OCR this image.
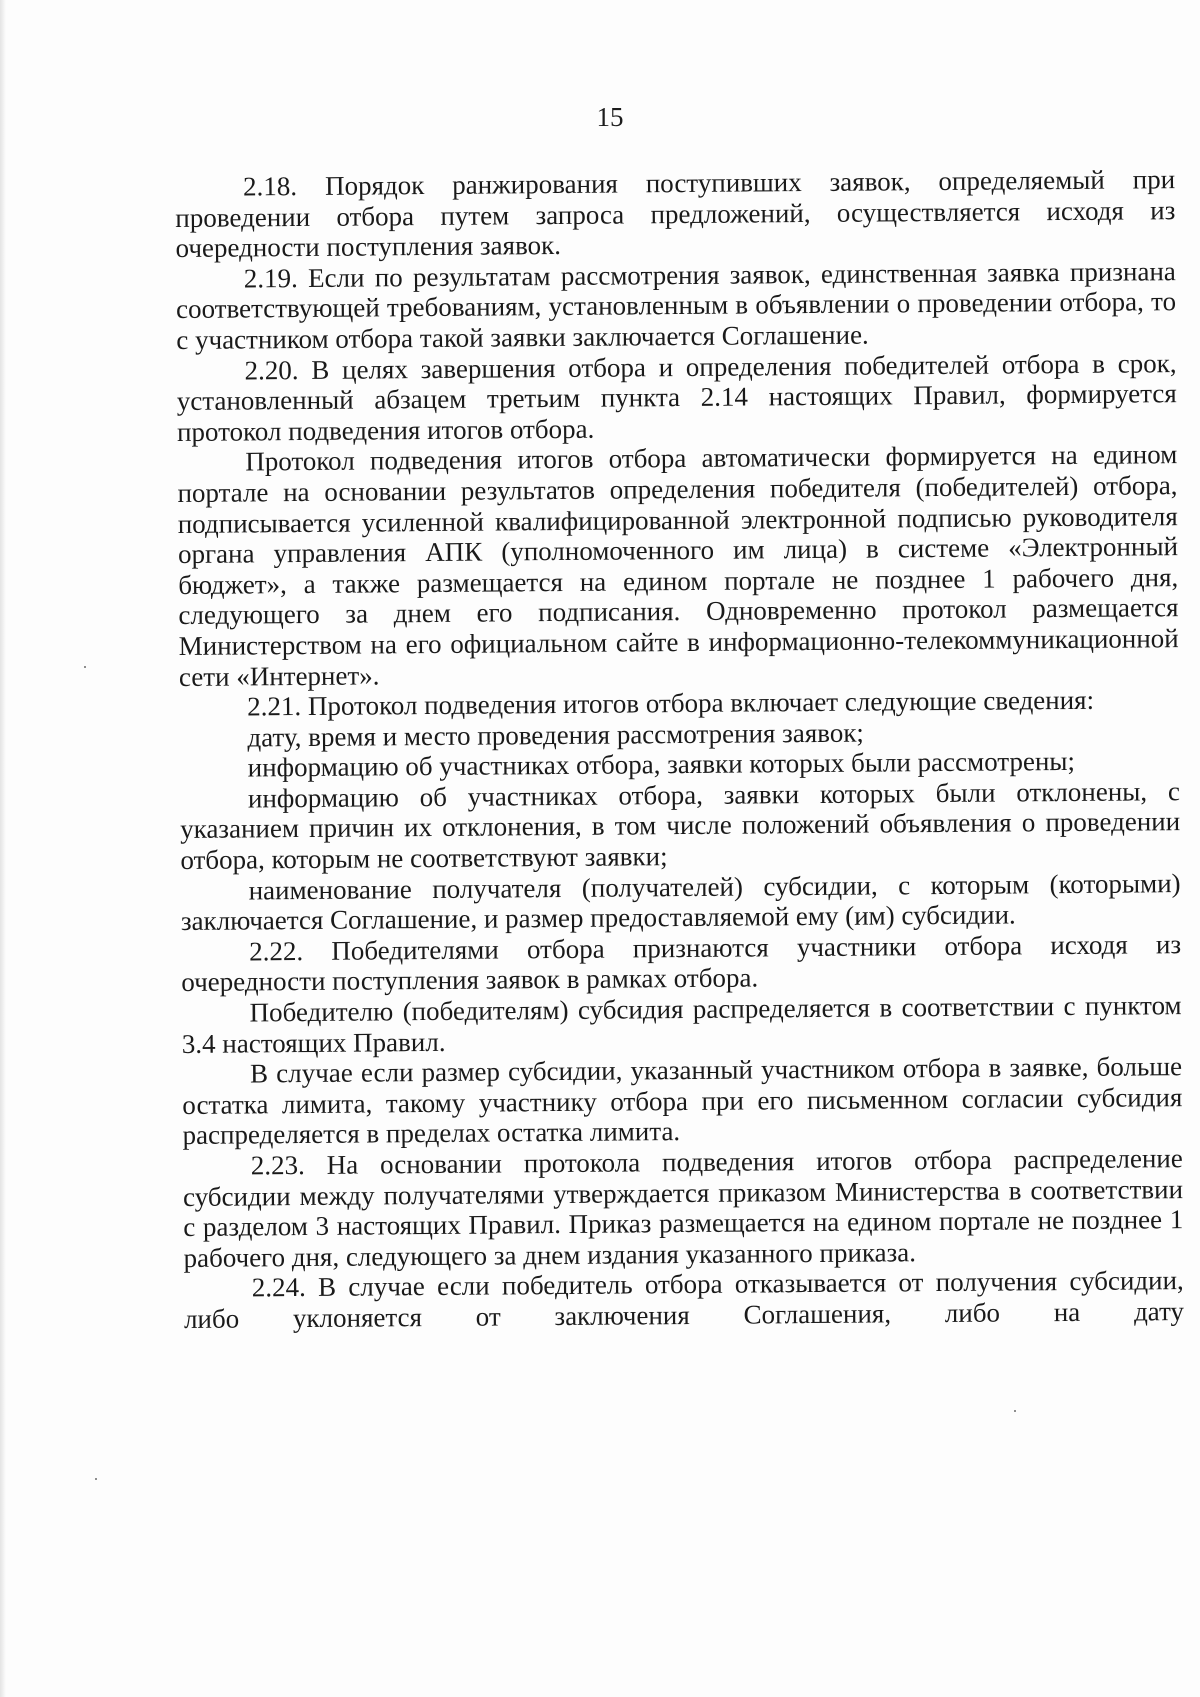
15

2.18. Порядок ранжирования поступивших заявок, определяемый при проведении отбора путем запроса предложений, осуществляется исходя из очередности поступления заявок.

2.19. Если по результатам рассмотрения заявок, единственная заявка признана соответствующей требованиям, установленным в объявлении о проведении отбора, то с участником отбора такой заявки заключается Соглашение.

2.20. В целях завершения отбора и определения победителей отбора в срок, установленный абзацем третьим пункта 2.14 настоящих Правил, формируется протокол подведения итогов отбора.

Протокол подведения итогов отбора автоматически формируется на едином портале на основании результатов определения победителя (победителей) отбора, подписывается усиленной квалифицированной электронной подписью руководителя органа управления АПК (уполномоченного им лица) в системе «Электронный бюджет», а также размещается на едином портале не позднее 1 рабочего дня, следующего за днем его подписания. Одновременно протокол размещается Министерством на его официальном сайте в информационно-телекоммуникационной сети «Интернет».

2.21. Протокол подведения итогов отбора включает следующие сведения:

дату, время и место проведения рассмотрения заявок;

информацию об участниках отбора, заявки которых были рассмотрены;

информацию об участниках отбора, заявки которых были отклонены, с указанием причин их отклонения, в том числе положений объявления о проведении отбора, которым не соответствуют заявки;

наименование получателя (получателей) субсидии, с которым (которыми) заключается Соглашение, и размер предоставляемой ему (им) субсидии.

2.22. Победителями отбора признаются участники отбора исходя из очередности поступления заявок в рамках отбора.

Победителю (победителям) субсидия распределяется в соответствии с пунктом 3.4 настоящих Правил.

В случае если размер субсидии, указанный участником отбора в заявке, больше остатка лимита, такому участнику отбора при его письменном согласии субсидия распределяется в пределах остатка лимита.

2.23. На основании протокола подведения итогов отбора распределение субсидии между получателями утверждается приказом Министерства в соответствии с разделом 3 настоящих Правил. Приказ размещается на едином портале не позднее 1 рабочего дня, следующего за днем издания указанного приказа.

2.24. В случае если победитель отбора отказывается от получения субсидии, либо уклоняется от заключения Соглашения, либо на дату
